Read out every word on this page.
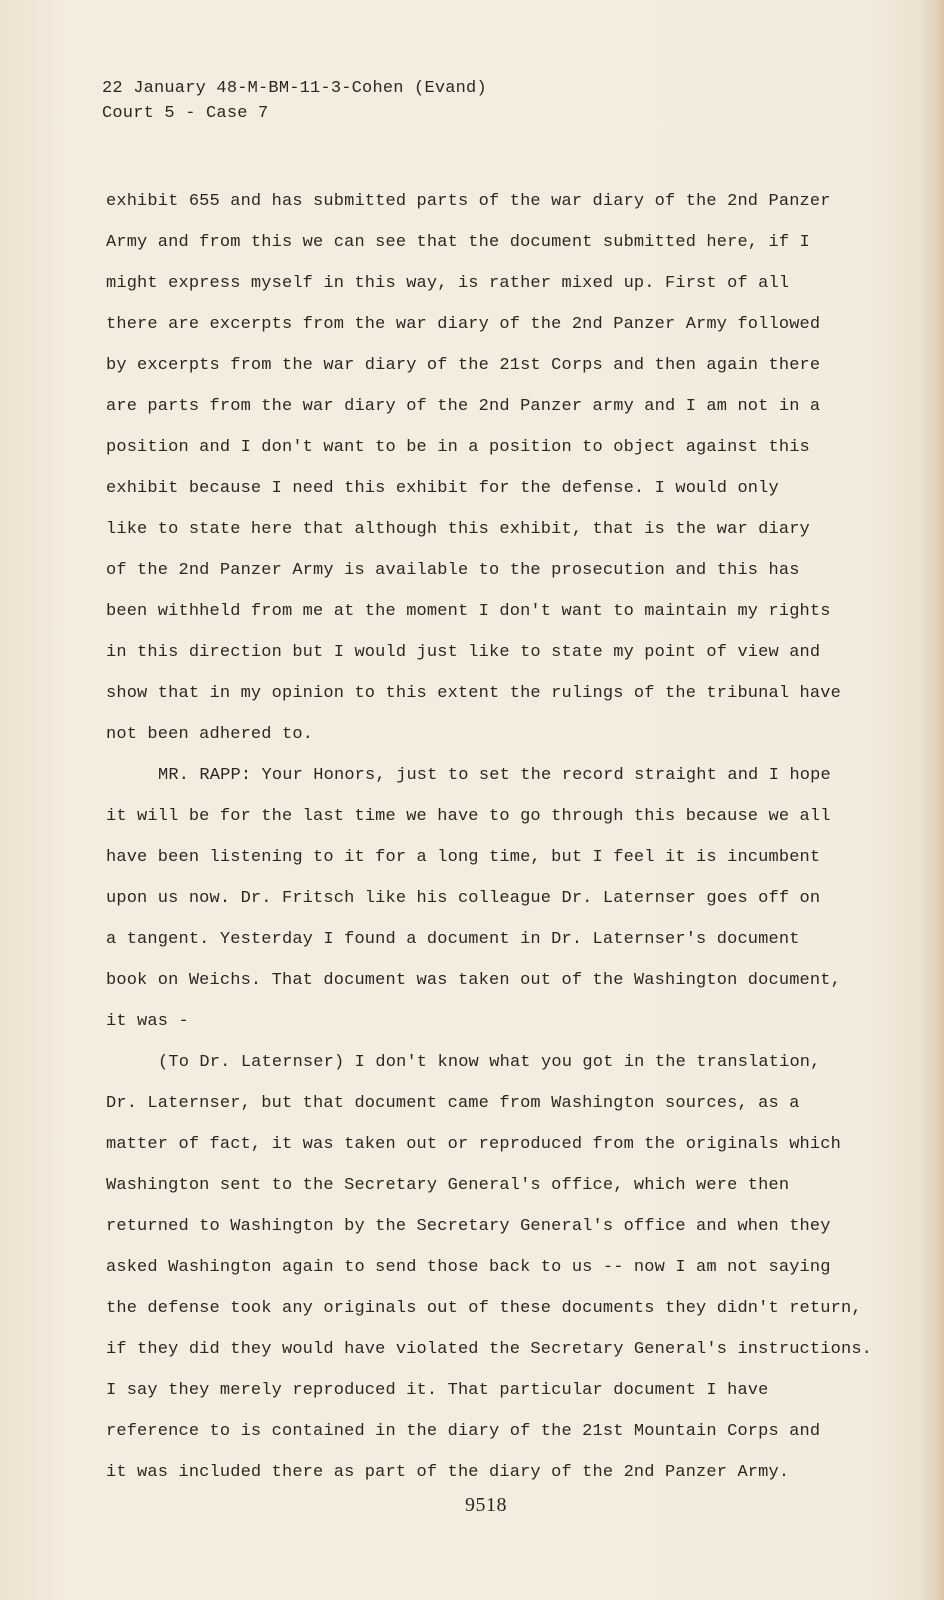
22 January 48-M-BM-11-3-Cohen (Evand)
Court 5 - Case 7
exhibit 655 and has submitted parts of the war diary of the 2nd Panzer
Army and from this we can see that the document submitted here, if I
might express myself in this way, is rather mixed up. First of all
there are excerpts from the war diary of the 2nd Panzer Army followed
by excerpts from the war diary of the 21st Corps and then again there
are parts from the war diary of the 2nd Panzer army and I am not in a
position and I don't want to be in a position to object against this
exhibit because I need this exhibit for the defense. I would only
like to state here that although this exhibit, that is the war diary
of the 2nd Panzer Army is available to the prosecution and this has
been withheld from me at the moment I don't want to maintain my rights
in this direction but I would just like to state my point of view and
show that in my opinion to this extent the rulings of the tribunal have
not been adhered to.
MR. RAPP: Your Honors, just to set the record straight and I hope
it will be for the last time we have to go through this because we all
have been listening to it for a long time, but I feel it is incumbent
upon us now. Dr. Fritsch like his colleague Dr. Laternser goes off on
a tangent. Yesterday I found a document in Dr. Laternser's document
book on Weichs. That document was taken out of the Washington document,
it was -
(To Dr. Laternser) I don't know what you got in the translation,
Dr. Laternser, but that document came from Washington sources, as a
matter of fact, it was taken out or reproduced from the originals which
Washington sent to the Secretary General's office, which were then
returned to Washington by the Secretary General's office and when they
asked Washington again to send those back to us -- now I am not saying
the defense took any originals out of these documents they didn't return,
if they did they would have violated the Secretary General's instructions.
I say they merely reproduced it. That particular document I have
reference to is contained in the diary of the 21st Mountain Corps and
it was included there as part of the diary of the 2nd Panzer Army.
9518
